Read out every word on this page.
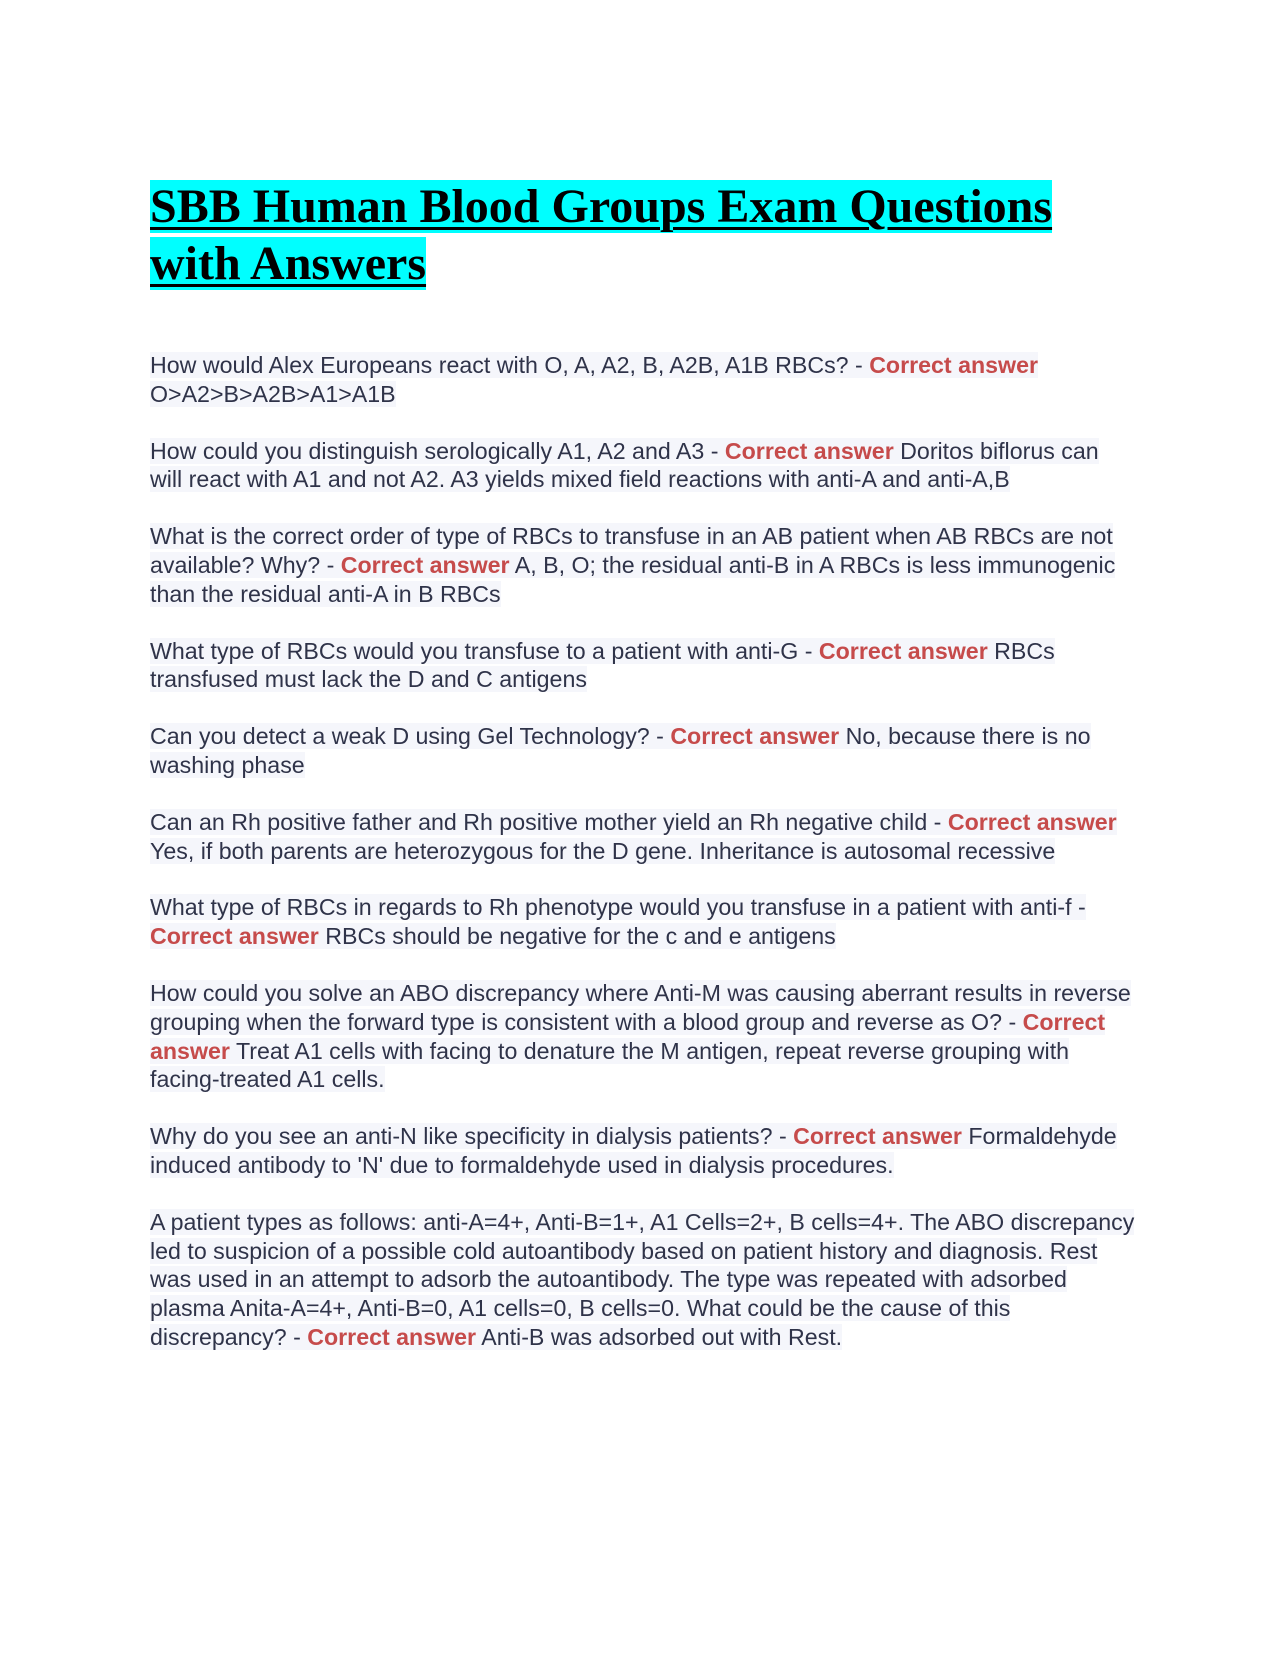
SBB Human Blood Groups Exam Questions with Answers

How would Alex Europeans react with O, A, A2, B, A2B, A1B RBCs? - Correct answer O>A2>B>A2B>A1>A1B

How could you distinguish serologically A1, A2 and A3 - Correct answer Doritos biflorus can will react with A1 and not A2. A3 yields mixed field reactions with anti-A and anti-A,B

What is the correct order of type of RBCs to transfuse in an AB patient when AB RBCs are not available? Why? - Correct answer A, B, O; the residual anti-B in A RBCs is less immunogenic than the residual anti-A in B RBCs

What type of RBCs would you transfuse to a patient with anti-G - Correct answer RBCs transfused must lack the D and C antigens

Can you detect a weak D using Gel Technology? - Correct answer No, because there is no washing phase

Can an Rh positive father and Rh positive mother yield an Rh negative child - Correct answer Yes, if both parents are heterozygous for the D gene. Inheritance is autosomal recessive

What type of RBCs in regards to Rh phenotype would you transfuse in a patient with anti-f - Correct answer RBCs should be negative for the c and e antigens

How could you solve an ABO discrepancy where Anti-M was causing aberrant results in reverse grouping when the forward type is consistent with a blood group and reverse as O? - Correct answer Treat A1 cells with facing to denature the M antigen, repeat reverse grouping with facing-treated A1 cells.

Why do you see an anti-N like specificity in dialysis patients? - Correct answer Formaldehyde induced antibody to 'N' due to formaldehyde used in dialysis procedures.

A patient types as follows: anti-A=4+, Anti-B=1+, A1 Cells=2+, B cells=4+. The ABO discrepancy led to suspicion of a possible cold autoantibody based on patient history and diagnosis. Rest was used in an attempt to adsorb the autoantibody. The type was repeated with adsorbed plasma Anita-A=4+, Anti-B=0, A1 cells=0, B cells=0. What could be the cause of this discrepancy? - Correct answer Anti-B was adsorbed out with Rest.
